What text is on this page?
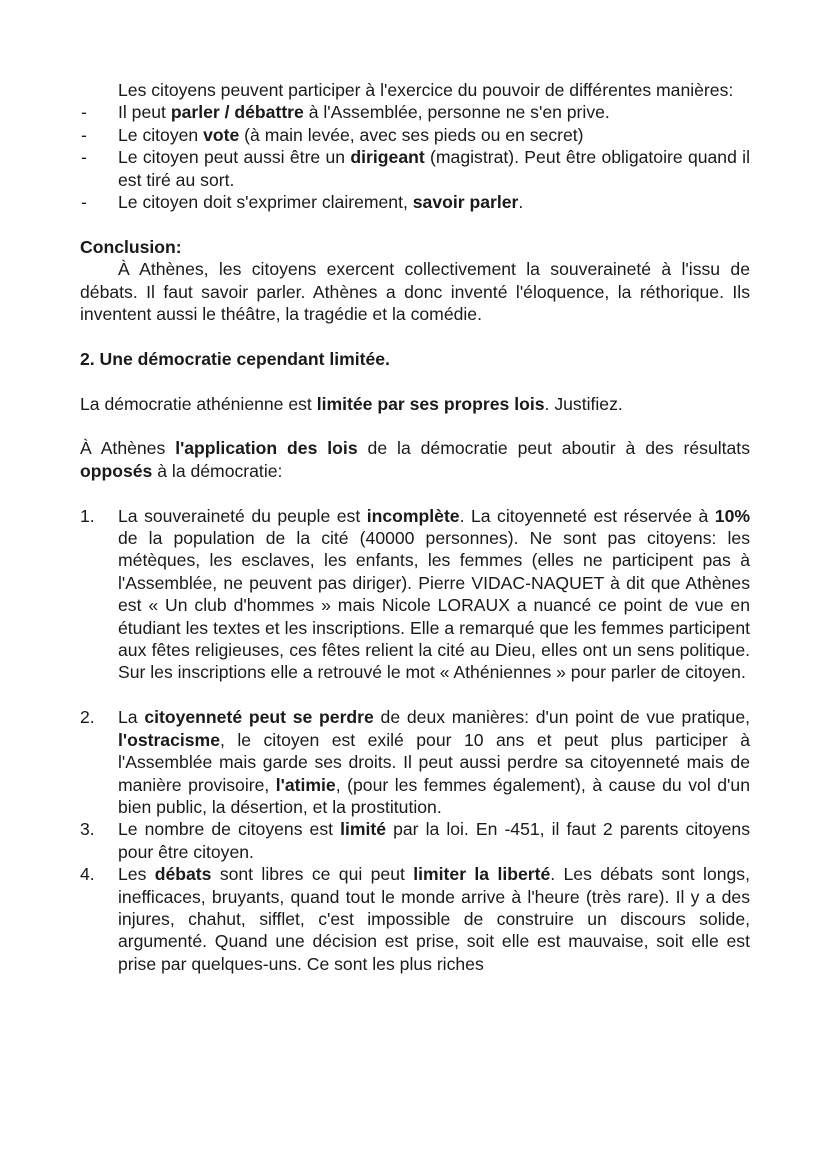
Les citoyens peuvent participer à l'exercice du pouvoir de différentes manières:

- Il peut parler / débattre à l'Assemblée, personne ne s'en prive.

- Le citoyen vote (à main levée, avec ses pieds ou en secret)

- Le citoyen peut aussi être un dirigeant (magistrat). Peut être obligatoire quand il est tiré au sort.

- Le citoyen doit s'exprimer clairement, savoir parler.

Conclusion:

À Athènes, les citoyens exercent collectivement la souveraineté à l'issu de débats. Il faut savoir parler. Athènes a donc inventé l'éloquence, la réthorique. Ils inventent aussi le théâtre, la tragédie et la comédie.

2. Une démocratie cependant limitée.

La démocratie athénienne est limitée par ses propres lois. Justifiez.

À Athènes l'application des lois de la démocratie peut aboutir à des résultats opposés à la démocratie:

1. La souveraineté du peuple est incomplète. La citoyenneté est réservée à 10% de la population de la cité (40000 personnes). Ne sont pas citoyens: les métèques, les esclaves, les enfants, les femmes (elles ne participent pas à l'Assemblée, ne peuvent pas diriger). Pierre VIDAC-NAQUET à dit que Athènes est « Un club d'hommes » mais Nicole LORAUX a nuancé ce point de vue en étudiant les textes et les inscriptions. Elle a remarqué que les femmes participent aux fêtes religieuses, ces fêtes relient la cité au Dieu, elles ont un sens politique. Sur les inscriptions elle a retrouvé le mot « Athéniennes » pour parler de citoyen.

2. La citoyenneté peut se perdre de deux manières: d'un point de vue pratique, l'ostracisme, le citoyen est exilé pour 10 ans et peut plus participer à l'Assemblée mais garde ses droits. Il peut aussi perdre sa citoyenneté mais de manière provisoire, l'atimie, (pour les femmes également), à cause du vol d'un bien public, la désertion, et la prostitution.

3. Le nombre de citoyens est limité par la loi. En -451, il faut 2 parents citoyens pour être citoyen.

4. Les débats sont libres ce qui peut limiter la liberté. Les débats sont longs, inefficaces, bruyants, quand tout le monde arrive à l'heure (très rare). Il y a des injures, chahut, sifflet, c'est impossible de construire un discours solide, argumenté. Quand une décision est prise, soit elle est mauvaise, soit elle est prise par quelques-uns. Ce sont les plus riches
